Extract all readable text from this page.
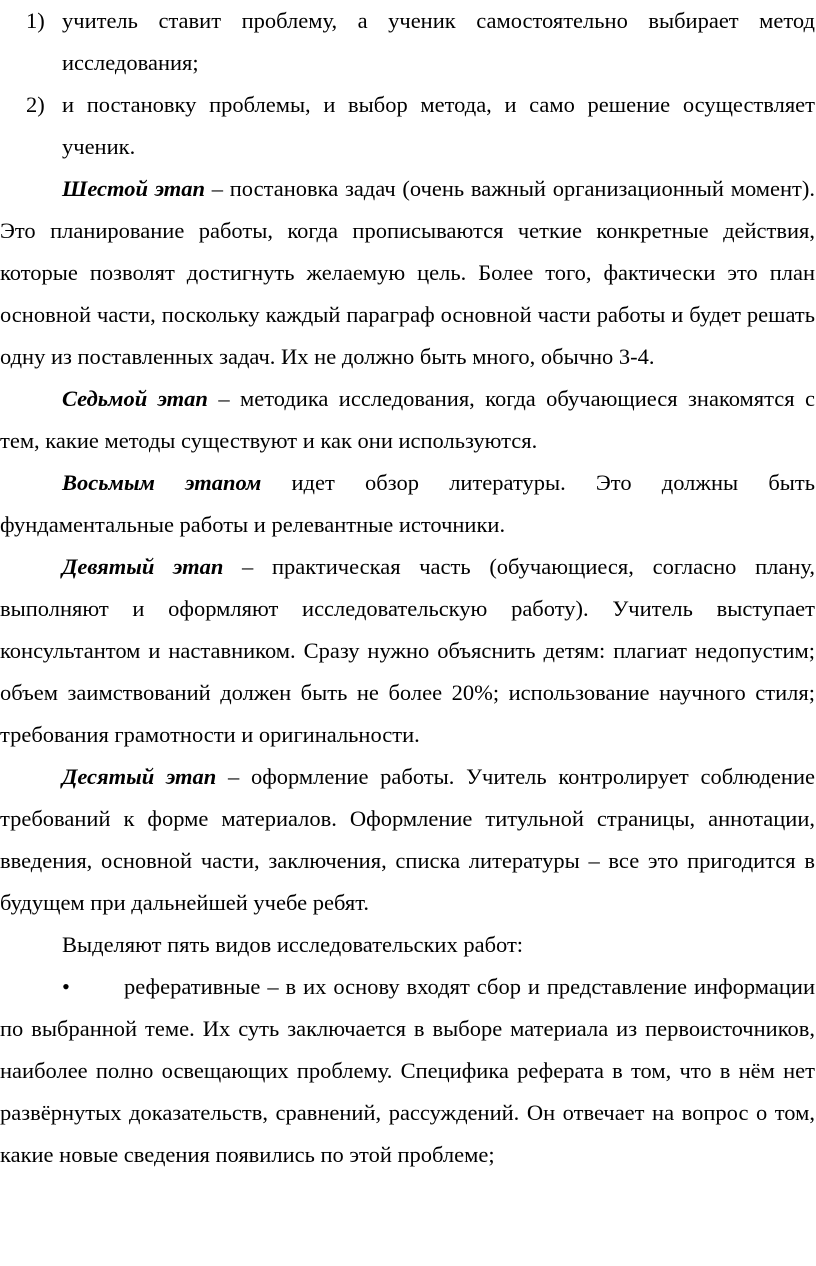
1) учитель ставит проблему, а ученик самостоятельно выбирает метод исследования;

2) и постановку проблемы, и выбор метода, и само решение осуществляет ученик.

Шестой этап – постановка задач (очень важный организационный момент). Это планирование работы, когда прописываются четкие конкретные действия, которые позволят достигнуть желаемую цель. Более того, фактически это план основной части, поскольку каждый параграф основной части работы и будет решать одну из поставленных задач. Их не должно быть много, обычно 3-4.

Седьмой этап – методика исследования, когда обучающиеся знакомятся с тем, какие методы существуют и как они используются.

Восьмым этапом идет обзор литературы. Это должны быть фундаментальные работы и релевантные источники.

Девятый этап – практическая часть (обучающиеся, согласно плану, выполняют и оформляют исследовательскую работу). Учитель выступает консультантом и наставником. Сразу нужно объяснить детям: плагиат недопустим; объем заимствований должен быть не более 20%; использование научного стиля; требования грамотности и оригинальности.

Десятый этап – оформление работы. Учитель контролирует соблюдение требований к форме материалов. Оформление титульной страницы, аннотации, введения, основной части, заключения, списка литературы – все это пригодится в будущем при дальнейшей учебе ребят.

Выделяют пять видов исследовательских работ:

• реферативные – в их основу входят сбор и представление информации по выбранной теме. Их суть заключается в выборе материала из первоисточников, наиболее полно освещающих проблему. Специфика реферата в том, что в нём нет развёрнутых доказательств, сравнений, рассуждений. Он отвечает на вопрос о том, какие новые сведения появились по этой проблеме;
